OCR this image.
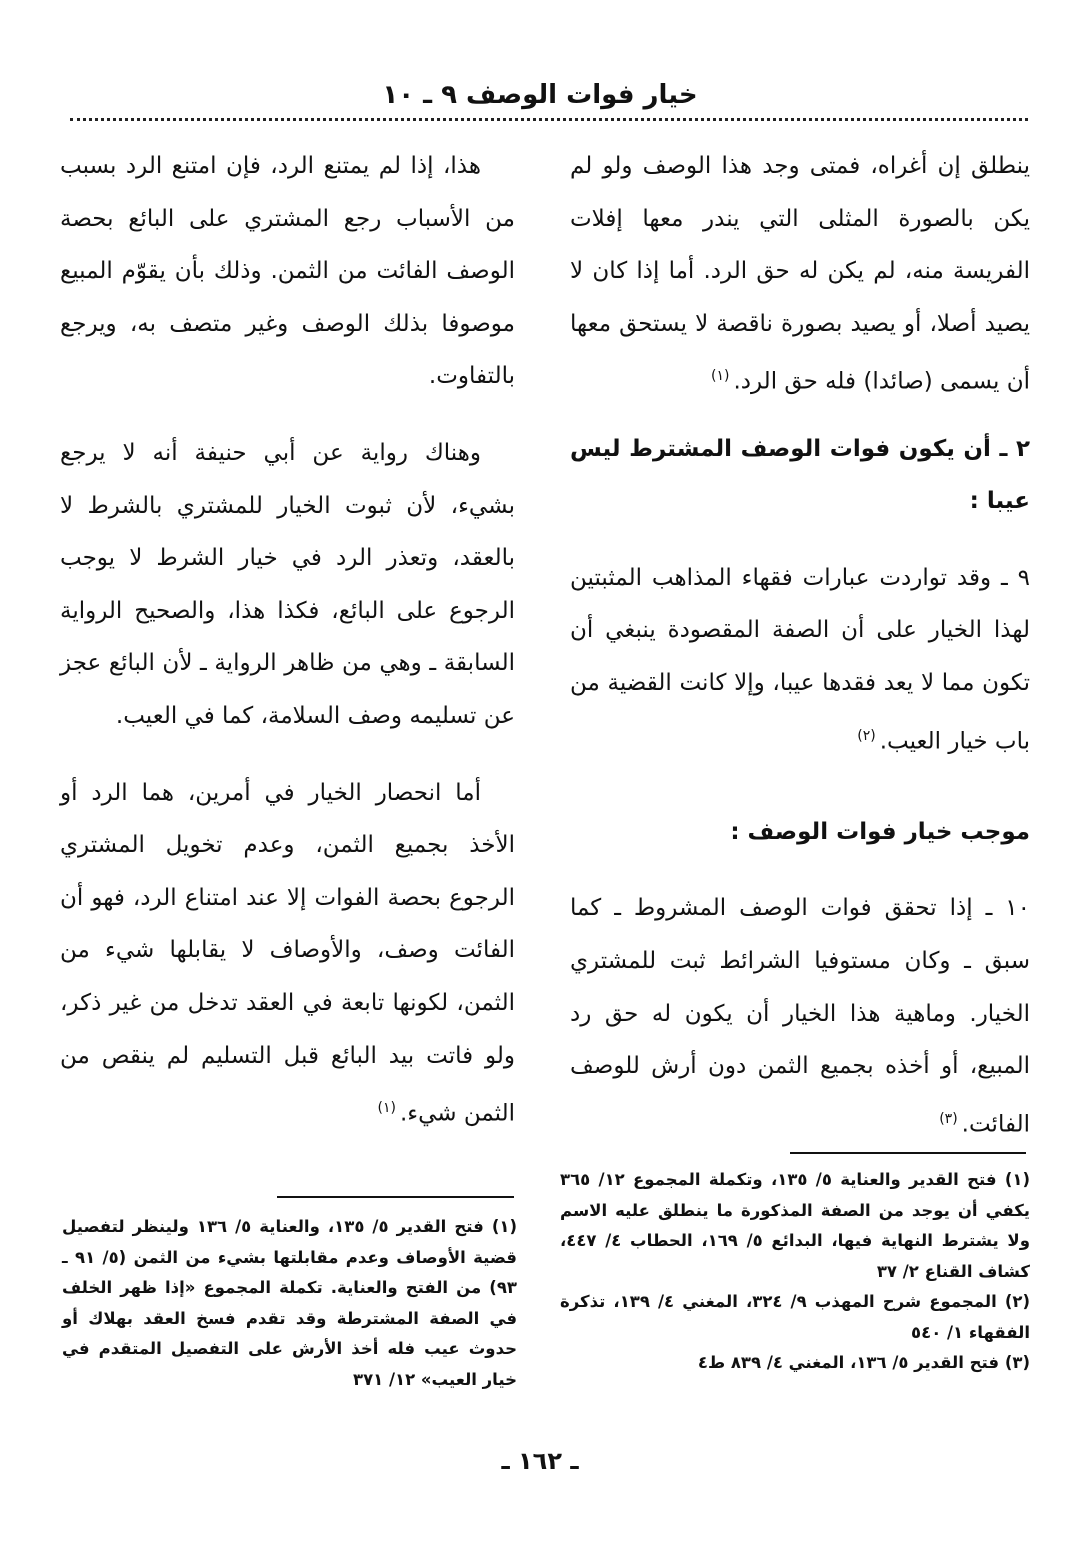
خيار فوات الوصف ٩ ـ ١٠

ينطلق إن أغراه، فمتى وجد هذا الوصف ولو لم يكن بالصورة المثلى التي يندر معها إفلات الفريسة منه، لم يكن له حق الرد. أما إذا كان لا يصيد أصلا، أو يصيد بصورة ناقصة لا يستحق معها أن يسمى (صائدا) فله حق الرد.$^{(١)}$

٢ ـ أن يكون فوات الوصف المشترط ليس عيبا :

٩ ـ وقد تواردت عبارات فقهاء المذاهب المثبتين لهذا الخيار على أن الصفة المقصودة ينبغي أن تكون مما لا يعد فقدها عيبا، وإلا كانت القضية من باب خيار العيب.$^{(٢)}$

موجب خيار فوات الوصف :

١٠ ـ إذا تحقق فوات الوصف المشروط ـ كما سبق ـ وكان مستوفيا الشرائط ثبت للمشتري الخيار. وماهية هذا الخيار أن يكون له حق رد المبيع، أو أخذه بجميع الثمن دون أرش للوصف الفائت.$^{(٣)}$

هذا، إذا لم يمتنع الرد، فإن امتنع الرد بسبب من الأسباب رجع المشتري على البائع بحصة الوصف الفائت من الثمن. وذلك بأن يقوّم المبيع موصوفا بذلك الوصف وغير متصف به، ويرجع بالتفاوت.

وهناك رواية عن أبي حنيفة أنه لا يرجع بشيء، لأن ثبوت الخيار للمشتري بالشرط لا بالعقد، وتعذر الرد في خيار الشرط لا يوجب الرجوع على البائع، فكذا هذا، والصحيح الرواية السابقة ـ وهي من ظاهر الرواية ـ لأن البائع عجز عن تسليمه وصف السلامة، كما في العيب.

أما انحصار الخيار في أمرين، هما الرد أو الأخذ بجميع الثمن، وعدم تخويل المشتري الرجوع بحصة الفوات إلا عند امتناع الرد، فهو أن الفائت وصف، والأوصاف لا يقابلها شيء من الثمن، لكونها تابعة في العقد تدخل من غير ذكر، ولو فاتت بيد البائع قبل التسليم لم ينقص من الثمن شيء.$^{(١)}$

(١) فتح القدير والعناية ٥/ ١٣٥، وتكملة المجموع ١٢/ ٣٦٥ يكفي أن يوجد من الصفة المذكورة ما ينطلق عليه الاسم ولا يشترط النهاية فيها، البدائع ٥/ ١٦٩، الحطاب ٤/ ٤٤٧، كشاف القناع ٢/ ٣٧

(٢) المجموع شرح المهذب ٩/ ٣٢٤، المغني ٤/ ١٣٩، تذكرة الفقهاء ١/ ٥٤٠

(٣) فتح القدير ٥/ ١٣٦، المغني ٤/ ٨٣٩ ط٤

(١) فتح القدير ٥/ ١٣٥، والعناية ٥/ ١٣٦ ولينظر لتفصيل قضية الأوصاف وعدم مقابلتها بشيء من الثمن (٥/ ٩١ ـ ٩٣) من الفتح والعناية. تكملة المجموع «إذا ظهر الخلف في الصفة المشترطة وقد تقدم فسخ العقد بهلاك أو حدوث عيب فله أخذ الأرش على التفصيل المتقدم في خيار العيب» ١٢/ ٣٧١

ـ ١٦٢ ـ
